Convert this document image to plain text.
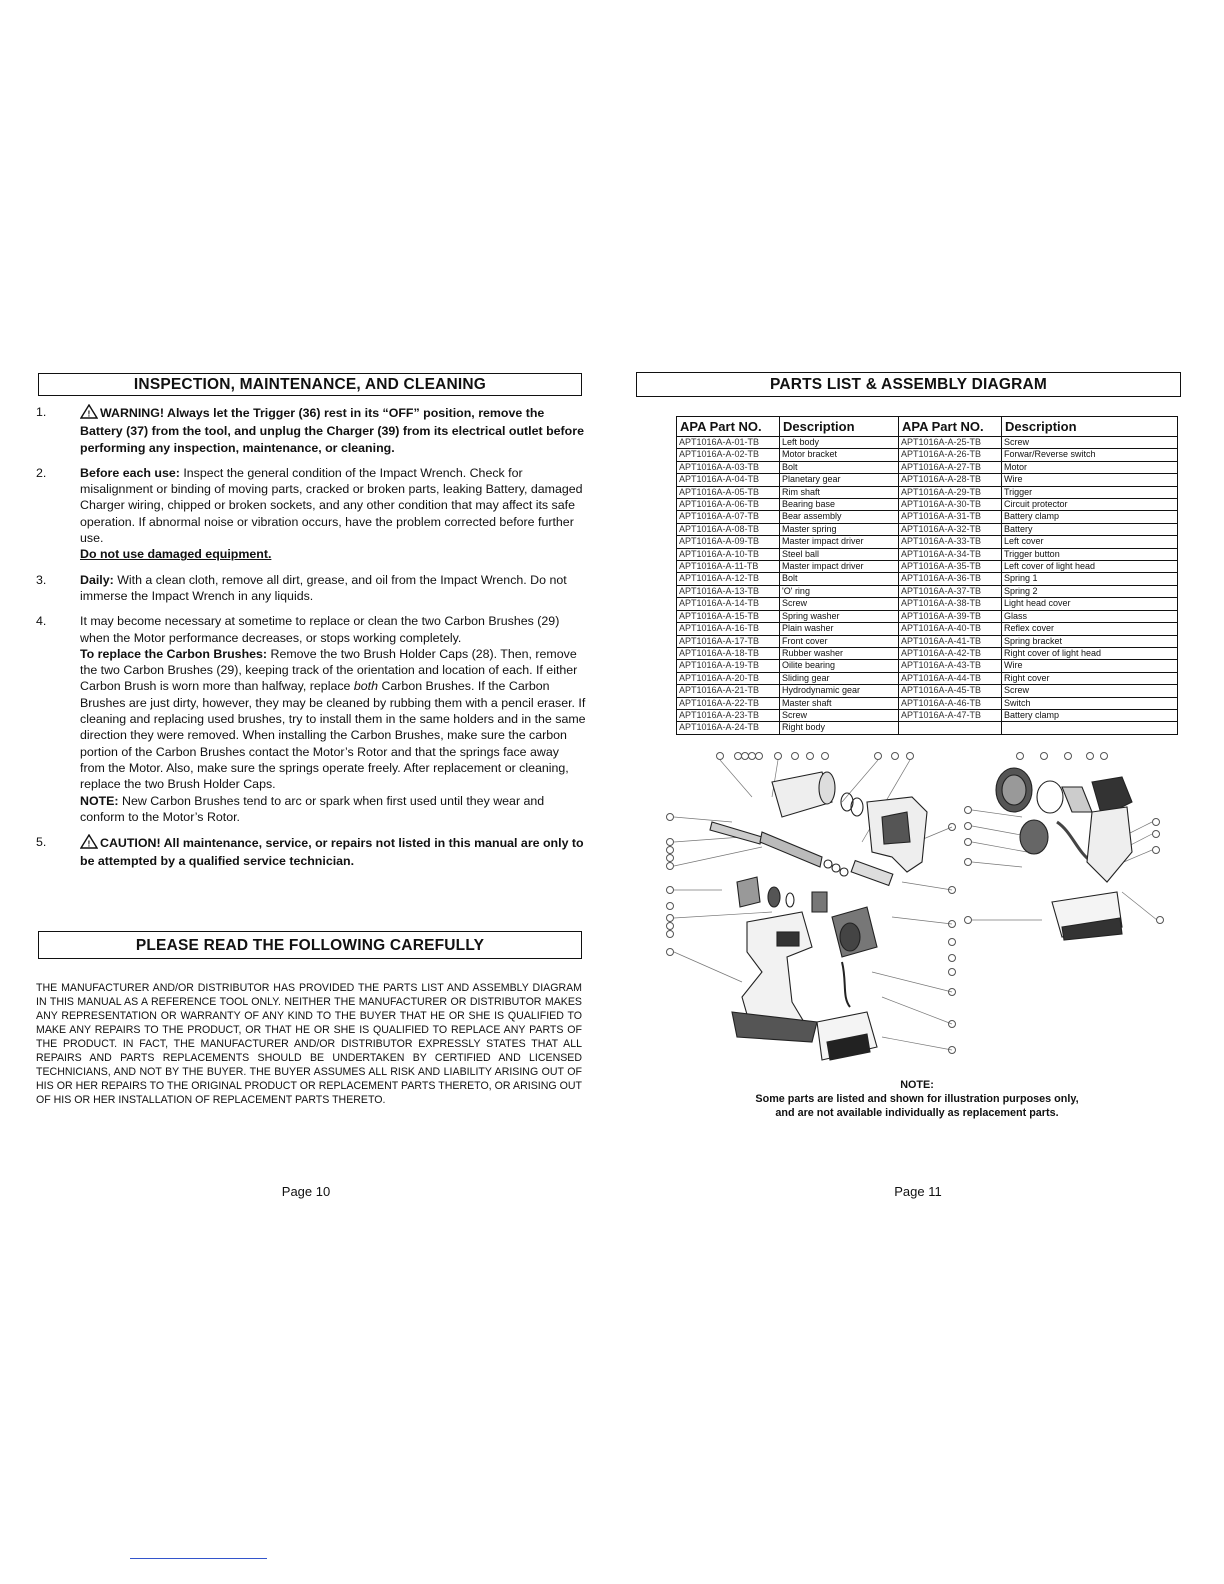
INSPECTION, MAINTENANCE, AND CLEANING
1.	! WARNING! Always let the Trigger (36) rest in its “OFF” position, remove the Battery (37) from the tool, and unplug the Charger (39) from its electrical outlet before performing any inspection, maintenance, or cleaning.

2.	Before each use: Inspect the general condition of the Impact Wrench. Check for misalignment or binding of moving parts, cracked or broken parts, leaking Battery, damaged Charger wiring, chipped or broken sockets, and any other condition that may affect its safe operation. If abnormal noise or vibration occurs, have the problem corrected before further use.

Do not use damaged equipment.

3.	Daily: With a clean cloth, remove all dirt, grease, and oil from the Impact Wrench. Do not immerse the Impact Wrench in any liquids.

4.	It may become necessary at sometime to replace or clean the two Carbon Brushes (29) when the Motor performance decreases, or stops working completely.

To replace the Carbon Brushes: Remove the two Brush Holder Caps (28). Then, remove the two Carbon Brushes (29), keeping track of the orientation and location of each. If either Carbon Brush is worn more than halfway, replace both Carbon Brushes. If the Carbon Brushes are just dirty, however, they may be cleaned by rubbing them with a pencil eraser. If cleaning and replacing used brushes, try to install them in the same holders and in the same direction they were removed. When installing the Carbon Brushes, make sure the carbon portion of the Carbon Brushes contact the Motor’s Rotor and that the springs face away from the Motor. Also, make sure the springs operate freely. After replacement or cleaning, replace the two Brush Holder Caps.

NOTE: New Carbon Brushes tend to arc or spark when first used until they wear and conform to the Motor’s Rotor.

5.	! CAUTION! All maintenance, service, or repairs not listed in this manual are only to be attempted by a qualified service technician.

PLEASE READ THE FOLLOWING CAREFULLY
THE MANUFACTURER AND/OR DISTRIBUTOR HAS PROVIDED THE PARTS LIST AND ASSEMBLY DIAGRAM IN THIS MANUAL AS A REFERENCE TOOL ONLY. NEITHER THE MANUFACTURER OR DISTRIBUTOR MAKES ANY REPRESENTATION OR WARRANTY OF ANY KIND TO THE BUYER THAT HE OR SHE IS QUALIFIED TO MAKE ANY REPAIRS TO THE PRODUCT, OR THAT HE OR SHE IS QUALIFIED TO REPLACE ANY PARTS OF THE PRODUCT. IN FACT, THE MANUFACTURER AND/OR DISTRIBUTOR EXPRESSLY STATES THAT ALL REPAIRS AND PARTS REPLACEMENTS SHOULD BE UNDERTAKEN BY CERTIFIED AND LICENSED TECHNICIANS, AND NOT BY THE BUYER. THE BUYER ASSUMES ALL RISK AND LIABILITY ARISING OUT OF HIS OR HER REPAIRS TO THE ORIGINAL PRODUCT OR REPLACEMENT PARTS THERETO, OR ARISING OUT OF HIS OR HER INSTALLATION OF REPLACEMENT PARTS THERETO.
Page 10
PARTS LIST & ASSEMBLY DIAGRAM
APA Part NO.	Description	APA Part NO.	Description
APT1016A-A-01-TB	Left body	APT1016A-A-25-TB	Screw
APT1016A-A-02-TB	Motor bracket	APT1016A-A-26-TB	Forwar/Reverse switch
APT1016A-A-03-TB	Bolt	APT1016A-A-27-TB	Motor
APT1016A-A-04-TB	Planetary gear	APT1016A-A-28-TB	Wire
APT1016A-A-05-TB	Rim shaft	APT1016A-A-29-TB	Trigger
APT1016A-A-06-TB	Bearing base	APT1016A-A-30-TB	Circuit protector
APT1016A-A-07-TB	Bear assembly	APT1016A-A-31-TB	Battery clamp
APT1016A-A-08-TB	Master spring	APT1016A-A-32-TB	Battery
APT1016A-A-09-TB	Master impact driver	APT1016A-A-33-TB	Left cover
APT1016A-A-10-TB	Steel ball	APT1016A-A-34-TB	Trigger button
APT1016A-A-11-TB	Master impact driver	APT1016A-A-35-TB	Left cover of light head
APT1016A-A-12-TB	Bolt	APT1016A-A-36-TB	Spring 1
APT1016A-A-13-TB	'O' ring	APT1016A-A-37-TB	Spring 2
APT1016A-A-14-TB	Screw	APT1016A-A-38-TB	Light head cover
APT1016A-A-15-TB	Spring washer	APT1016A-A-39-TB	Glass
APT1016A-A-16-TB	Plain washer	APT1016A-A-40-TB	Reflex cover
APT1016A-A-17-TB	Front cover	APT1016A-A-41-TB	Spring bracket
APT1016A-A-18-TB	Rubber washer	APT1016A-A-42-TB	Right cover of light head
APT1016A-A-19-TB	Oilite bearing	APT1016A-A-43-TB	Wire
APT1016A-A-20-TB	Sliding gear	APT1016A-A-44-TB	Right cover
APT1016A-A-21-TB	Hydrodynamic gear	APT1016A-A-45-TB	Screw
APT1016A-A-22-TB	Master shaft	APT1016A-A-46-TB	Switch
APT1016A-A-23-TB	Screw	APT1016A-A-47-TB	Battery clamp
APT1016A-A-24-TB	Right body		
NOTE:
Some parts are listed and shown for illustration purposes only,
and are not available individually as replacement parts.
Page 11
